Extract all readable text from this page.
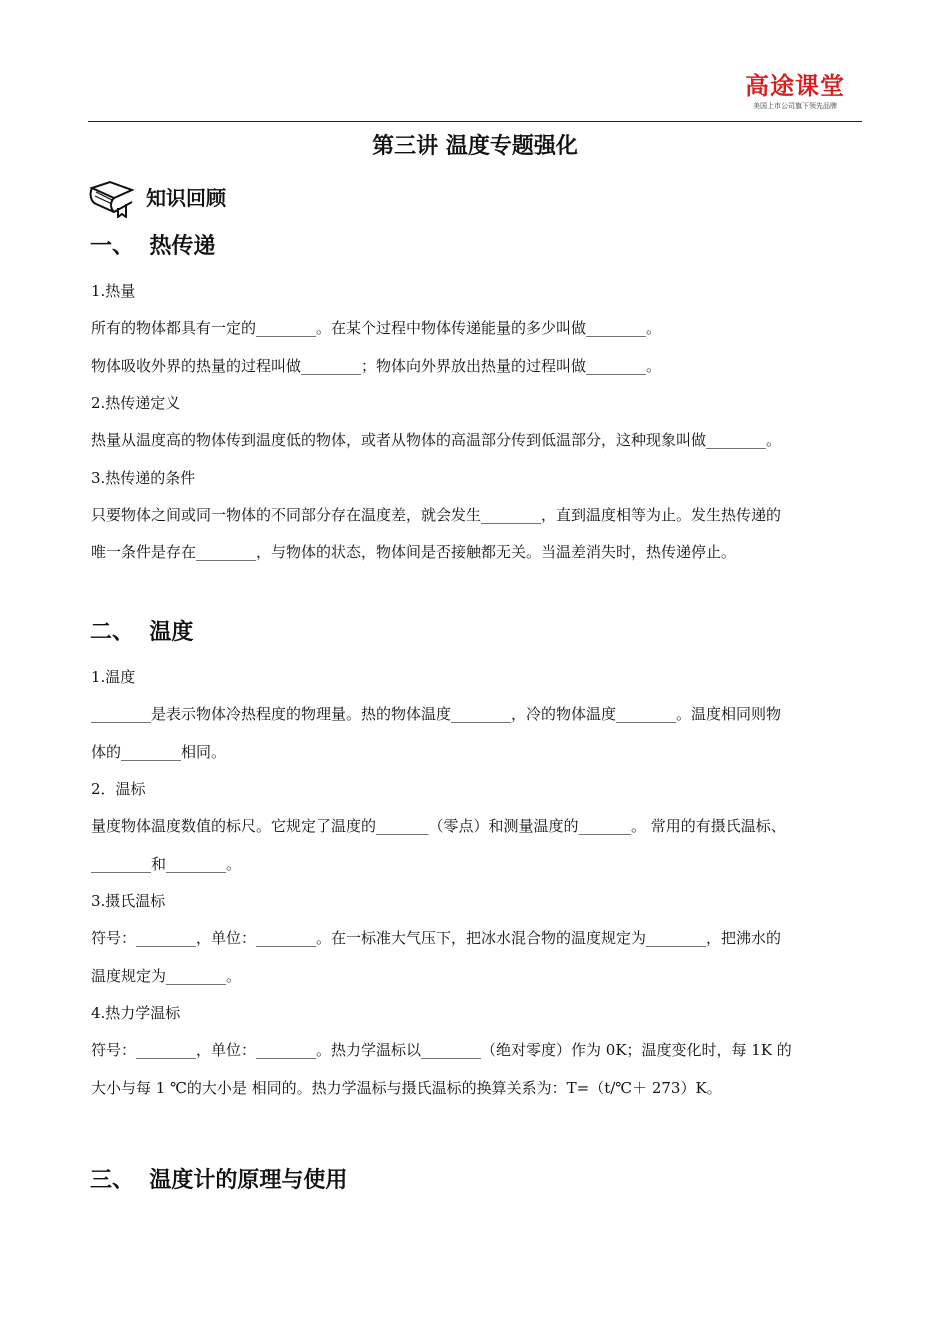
高途课堂
美国上市公司旗下领先品牌
第三讲 温度专题强化
知识回顾
一、  热传递
1.热量
所有的物体都具有一定的________。在某个过程中物体传递能量的多少叫做________。
物体吸收外界的热量的过程叫做________；物体向外界放出热量的过程叫做________。
2.热传递定义
热量从温度高的物体传到温度低的物体，或者从物体的高温部分传到低温部分，这种现象叫做________。
3.热传递的条件
只要物体之间或同一物体的不同部分存在温度差，就会发生________，直到温度相等为止。发生热传递的
唯一条件是存在________，与物体的状态，物体间是否接触都无关。当温差消失时，热传递停止。
二、  温度
1.温度
________是表示物体冷热程度的物理量。热的物体温度________，冷的物体温度________。温度相同则物
体的________相同。
2．温标
量度物体温度数值的标尺。它规定了温度的_______（零点）和测量温度的_______。 常用的有摄氏温标、
________和________。
3.摄氏温标
符号：________，单位：________。在一标准大气压下，把冰水混合物的温度规定为________，把沸水的
温度规定为________。
4.热力学温标
符号：________，单位：________。热力学温标以________（绝对零度）作为 0K；温度变化时，每 1K 的
大小与每 1 ℃的大小是 相同的。热力学温标与摄氏温标的换算关系为：T=（t/℃＋ 273）K。
三、  温度计的原理与使用
